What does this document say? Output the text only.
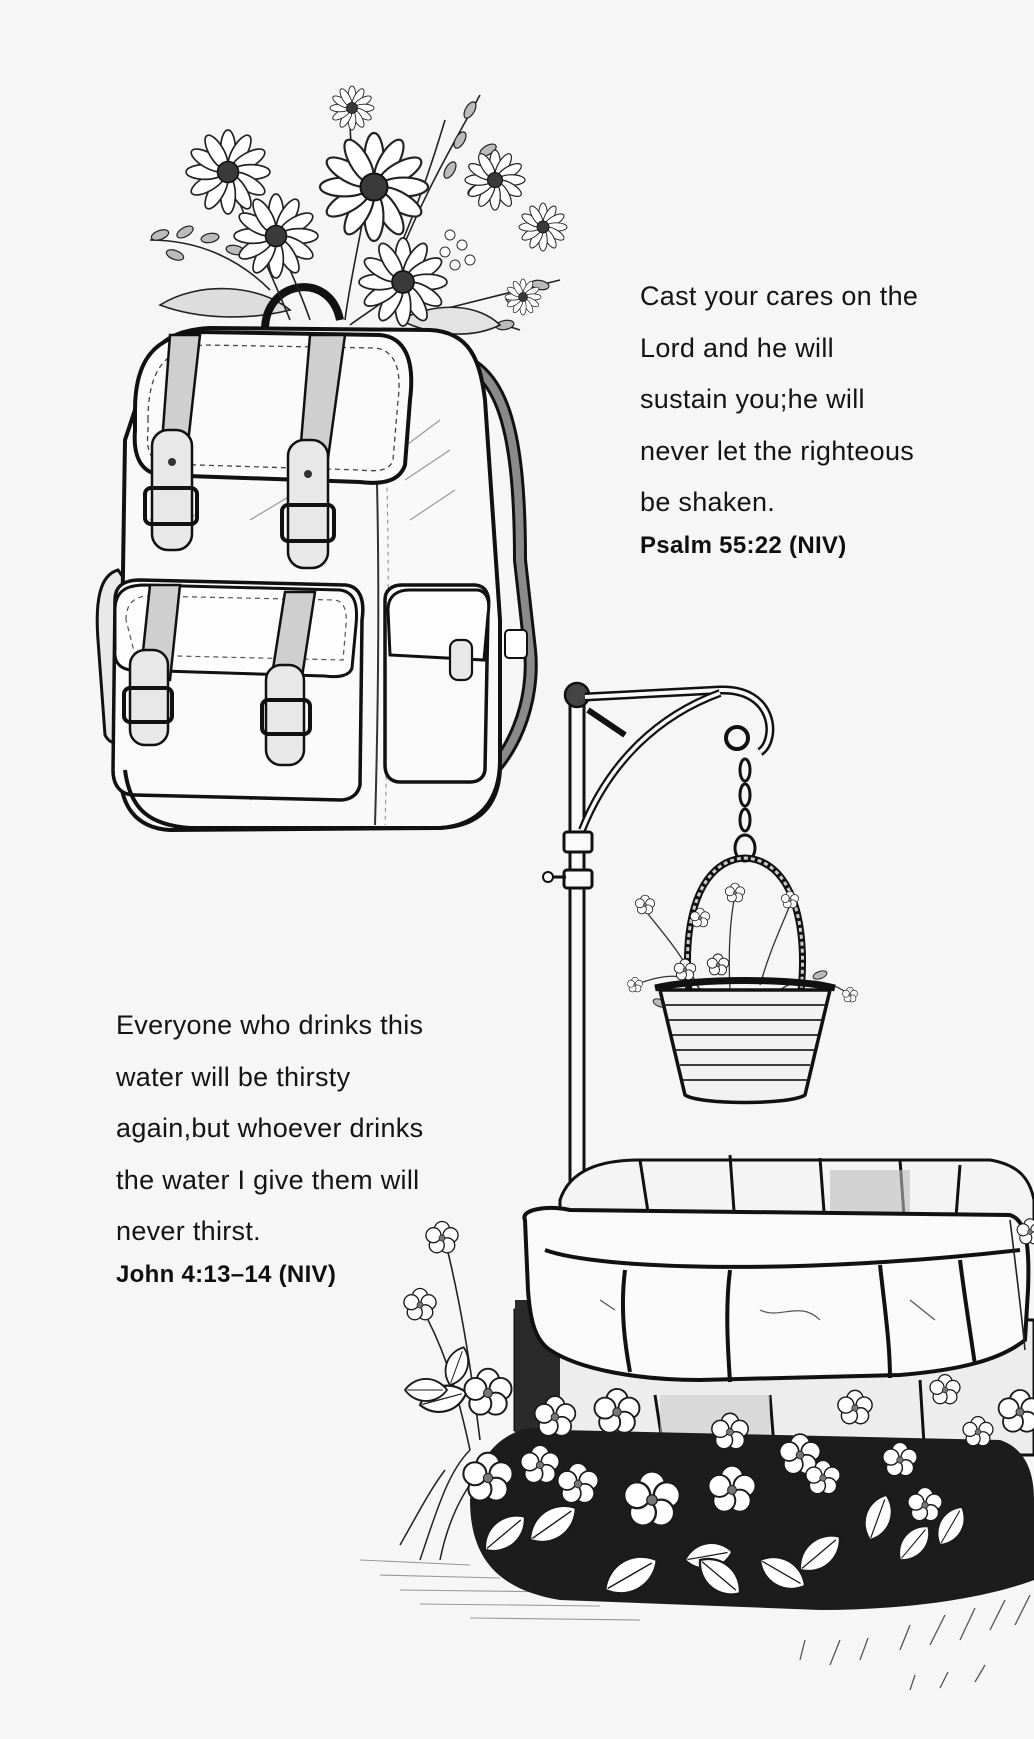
Cast your cares on the
Lord and he will
sustain you;he will
never let the righteous
be shaken.
Psalm 55:22 (NIV)
Everyone who drinks this
water will be thirsty
again,but whoever drinks
the water I give them will
never thirst.
John 4:13–14 (NIV)
